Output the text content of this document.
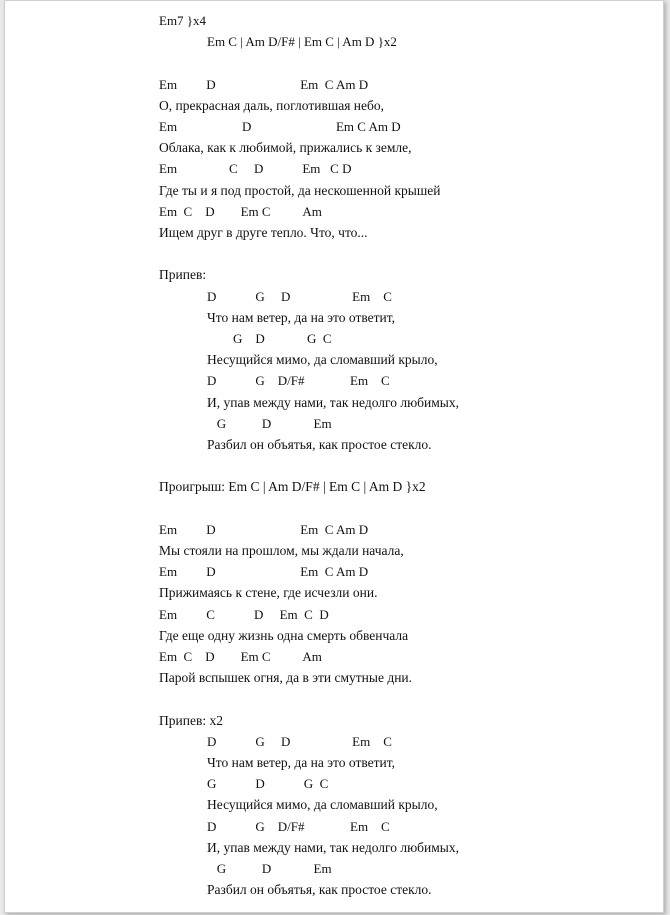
Em7 }x4
Em C | Am D/F# | Em C | Am D }x2
Em         D                          Em  C Am D
О, прекрасная даль, поглотившая небо,
Em                    D                          Em C Am D
Облака, как к любимой, прижались к земле,
Em                C     D            Em   C D
Где ты и я под простой, да нескошенной крышей
Em  C    D        Em C          Am
Ищем друг в друге тепло. Что, что...
Припев:
D            G     D                   Em    C
Что нам ветер, да на это ответит,
G    D             G  C
Несущийся мимо, да сломавший крыло,
D            G    D/F#              Em    C
И, упав между нами, так недолго любимых,
G           D             Em
Разбил он объятья, как простое стекло.
Проигрыш: Em C | Am D/F# | Em C | Am D }x2
Em         D                          Em  C Am D
Мы стояли на прошлом, мы ждали начала,
Em         D                          Em  C Am D
Прижимаясь к стене, где исчезли они.
Em         C            D     Em  C  D
Где еще одну жизнь одна смерть обвенчала
Em  C    D        Em C          Am
Парой вспышек огня, да в эти смутные дни.
Припев: x2
D            G     D                   Em    C
Что нам ветер, да на это ответит,
G            D            G  C
Несущийся мимо, да сломавший крыло,
D            G    D/F#              Em    C
И, упав между нами, так недолго любимых,
G           D             Em
Разбил он объятья, как простое стекло.
